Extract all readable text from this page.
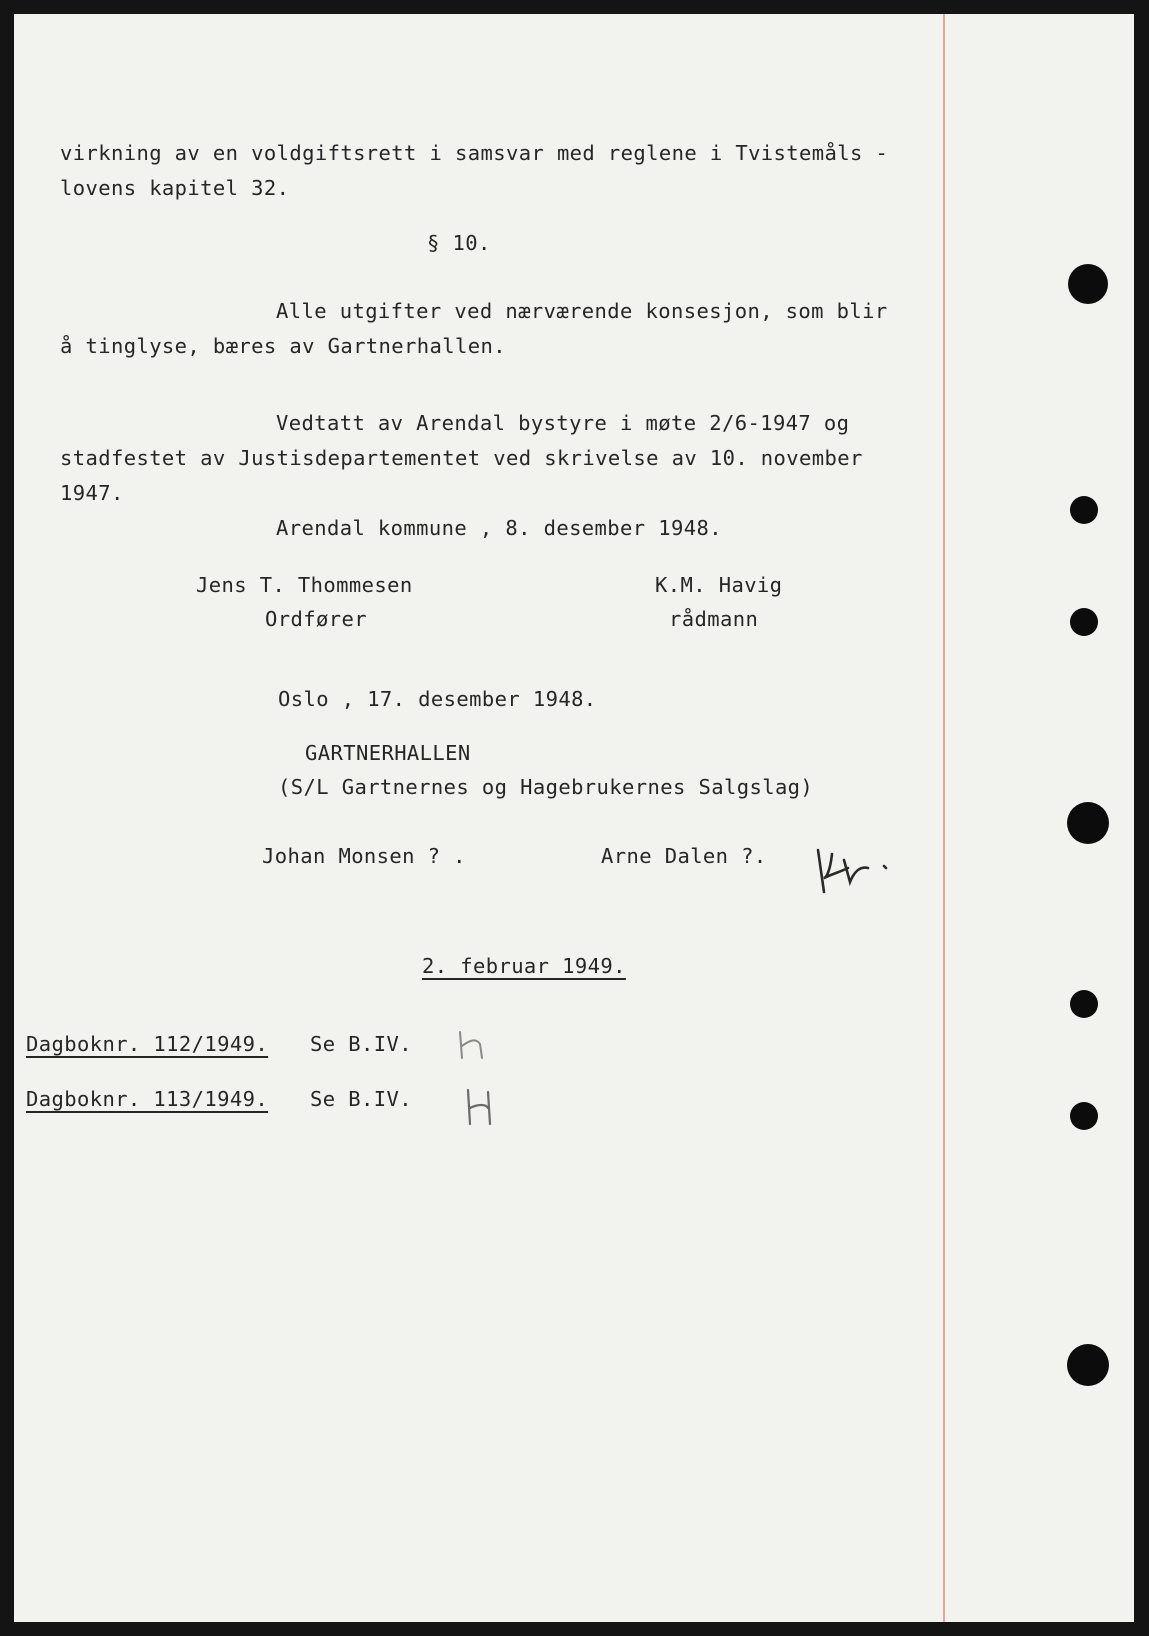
virkning av en voldgiftsrett i samsvar med reglene i Tvistemåls -
lovens kapitel 32.
§ 10.
Alle utgifter ved nærværende konsesjon, som blir
å tinglyse, bæres av Gartnerhallen.
Vedtatt av Arendal bystyre i møte 2/6-1947 og
stadfestet av Justisdepartementet ved skrivelse av 10. november
1947.
Arendal kommune , 8. desember 1948.
Jens T. Thommesen
Ordfører
K.M. Havig
rådmann
Oslo , 17. desember 1948.
GARTNERHALLEN
(S/L Gartnernes og Hagebrukernes Salgslag)
Johan Monsen ? .	Arne Dalen ?.
2. februar 1949.
Dagboknr. 112/1949. Se B.IV.
Dagboknr. 113/1949. Se B.IV.
